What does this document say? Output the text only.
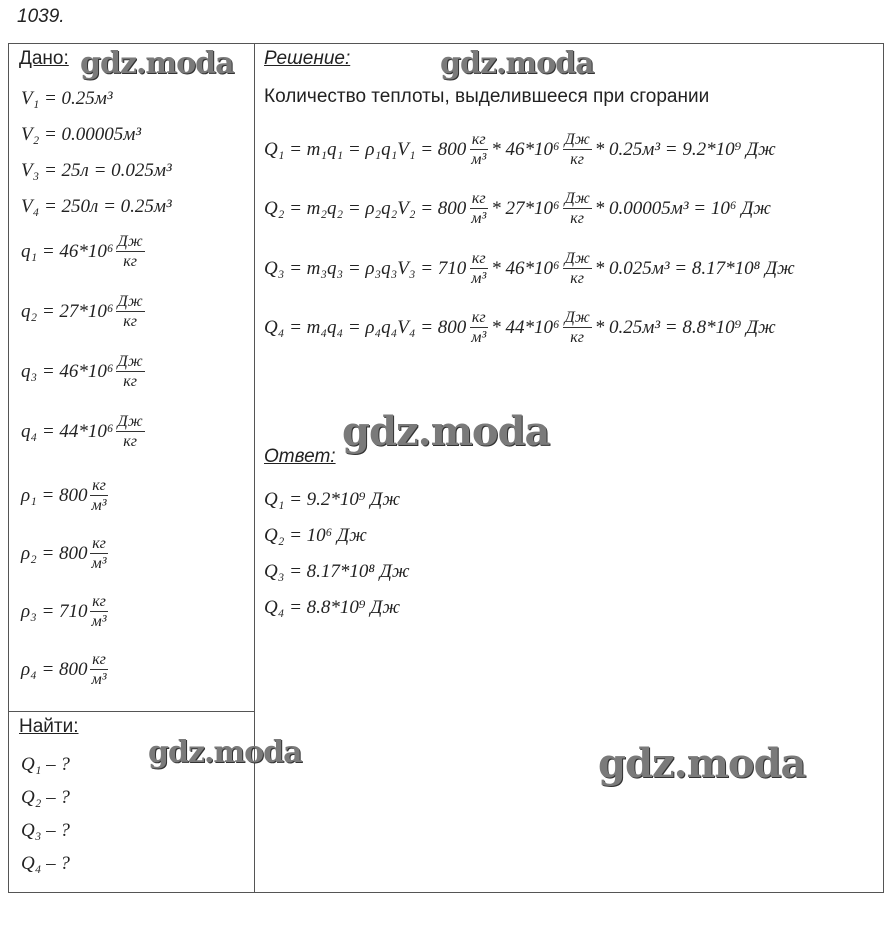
1039.
Дано:
V₁ = 0.25м³
V₂ = 0.00005м³
V₃ = 25л = 0.025м³
V₄ = 250л = 0.25м³
$q_1 = 46*10^6 \frac{Дж}{кг}$
$q_2 = 27*10^6 \frac{Дж}{кг}$
$q_3 = 46*10^6 \frac{Дж}{кг}$
$q_4 = 44*10^6 \frac{Дж}{кг}$
$\rho_1 = 800 \frac{кг}{\text{м³}}$
$\rho_2 = 800 \frac{кг}{\text{м³}}$
$\rho_3 = 710 \frac{кг}{\text{м³}}$
$\rho_4 = 800 \frac{кг}{\text{м³}}$
Найти:
Q₁ – ?
Q₂ – ?
Q₃ – ?
Q₄ – ?
Решение:
Количество теплоты, выделившееся при сгорании
$Q_1 = m_1q_1 = \rho_1q_1V_1 = 800 \frac{кг}{\text{м³}} * 46*10^6 \frac{Дж}{кг} * 0.25м^3 = 9.2*10^9$ Дж
$Q_2 = m_2q_2 = \rho_2q_2V_2 = 800 \frac{кг}{\text{м³}} * 27*10^6 \frac{Дж}{кг} * 0.00005м^3 = 10^6$ Дж
$Q_3 = m_3q_3 = \rho_3q_3V_3 = 710 \frac{кг}{\text{м³}} * 46*10^6 \frac{Дж}{кг} * 0.025м^3 = 8.17*10^8$ Дж
$Q_4 = m_4q_4 = \rho_4q_4V_4 = 800 \frac{кг}{\text{м³}} * 44*10^6 \frac{Дж}{кг} * 0.25м^3 = 8.8*10^9$ Дж
Ответ:
Q₁ = 9.2*10⁹ Дж
Q₂ = 10⁶ Дж
Q₃ = 8.17*10⁸ Дж
Q₄ = 8.8*10⁹ Дж
gdz.moda	gdz.moda
gdz.moda
gdz.moda	gdz.moda
